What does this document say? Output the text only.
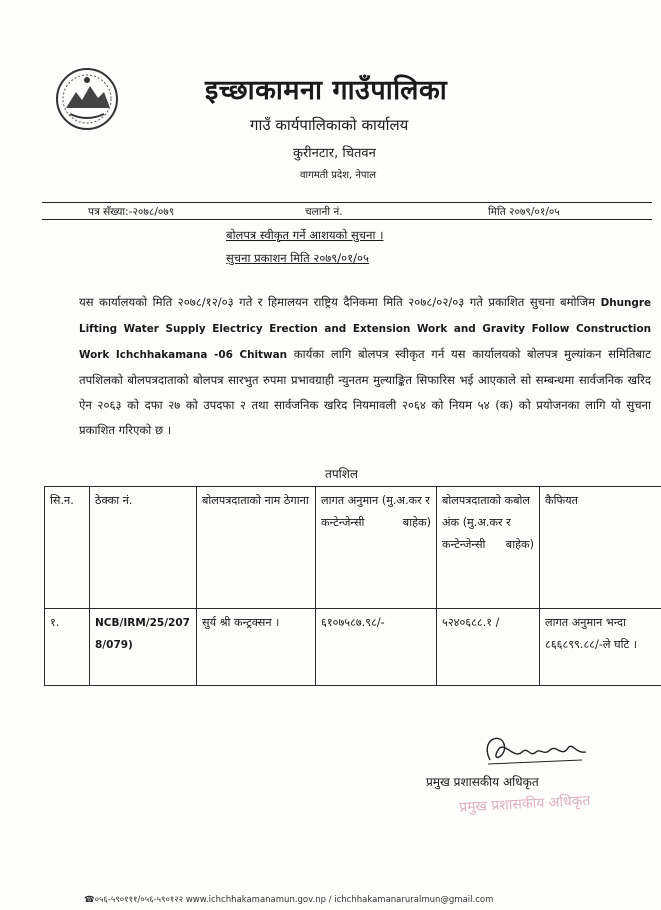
इच्छाकामना गाउँपालिका
गाउँ कार्यपालिकाको कार्यालय
कुरीनटार, चितवन
वागमती प्रदेश, नेपाल
पत्र सँख्या:-२०७८/०७९	चलानी नं.	मिति २०७९/०१/०५
बोलपत्र स्वीकृत गर्ने आशयको सुचना ।
सुचना प्रकाशन मिति २०७९/०१/०५
यस कार्यालयको मिति २०७८/१२/०३ गते र हिमालयन राष्ट्रिय दैनिकमा मिति २०७८/०२/०३ गते प्रकाशित सुचना बमोजिम Dhungre Lifting Water Supply Electricy Erection and Extension Work and Gravity Follow Construction Work Ichchhakamana -06 Chitwan कार्यका लागि बोलपत्र स्वीकृत गर्न यस कार्यालयको बोलपत्र मुल्यांकन समितिबाट तपशिलको बोलपत्रदाताको बोलपत्र सारभुत रुपमा प्रभावग्राही न्युनतम मुल्याङ्कित सिफारिस भई आएकाले सो सम्बन्धमा सार्वजनिक खरिद ऐन २०६३ को दफा २७ को उपदफा २ तथा सार्वजनिक खरिद नियमावली २०६४ को नियम ५४ (क) को प्रयोजनका लागि यो सुचना प्रकाशित गरिएको छ ।
तपशिल
सि.न.	ठेक्का नं.	बोलपत्रदाताको नाम ठेगाना	लागत अनुमान (मु.अ.कर र कन्टेन्जेन्सी बाहेक)	बोलपत्रदाताको कबोल अंक (मु.अ.कर र कन्टेन्जेन्सी बाहेक)	कैफियत
१.	NCB/IRM/25/2078/079)	सुर्य श्री कन्ट्रक्सन ।	६१०७५८७.९८/-	५२४०६८८.१ /	लागत अनुमान भन्दा ८६६८९९.८८/-ले घटि ।
प्रमुख प्रशासकीय अधिकृत
प्रमुख प्रशासकीय अधिकृत
☎०५६-५९०१११/०५६-५९०१२२ www.ichchhakamanamun.gov.np / ichchhakamanaruralmun@gmail.com
